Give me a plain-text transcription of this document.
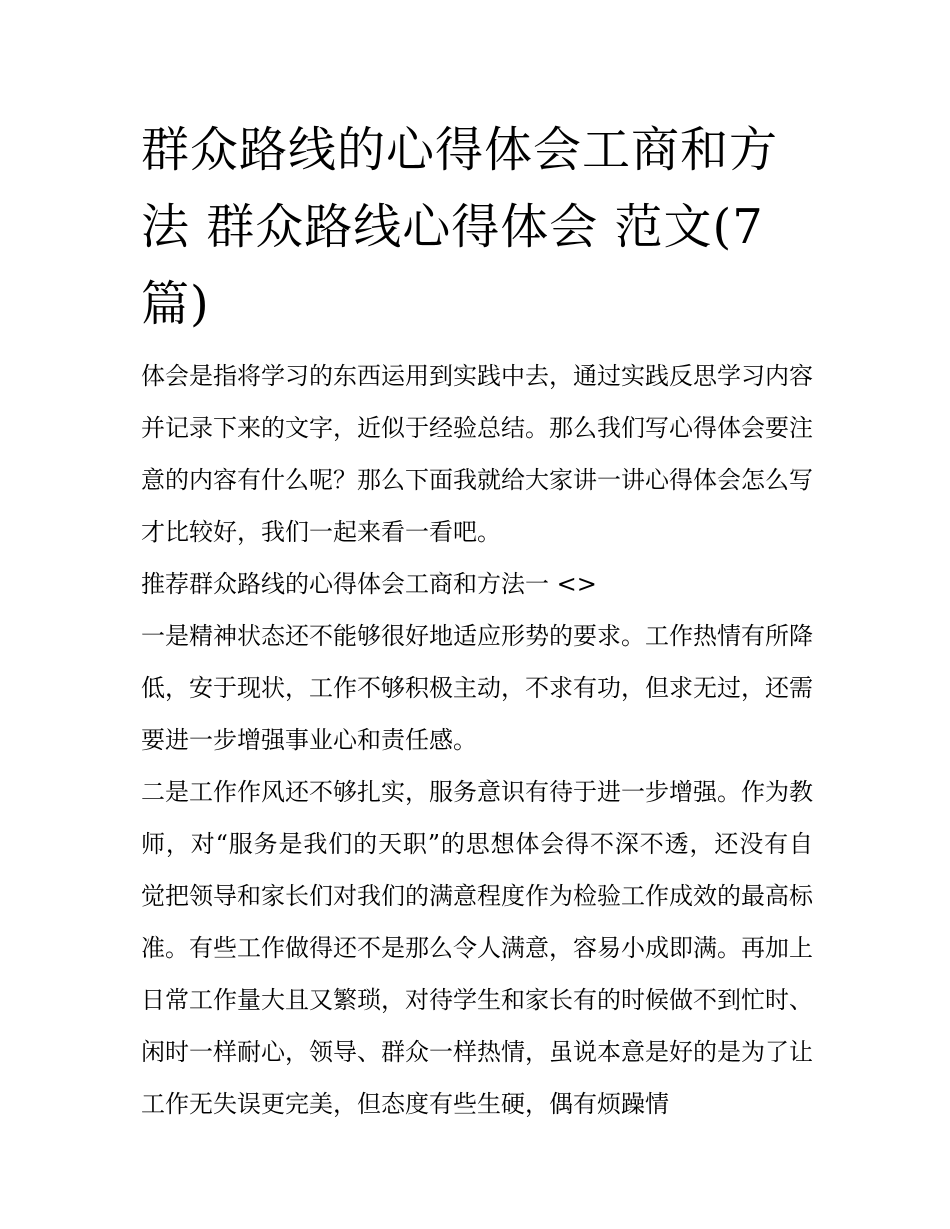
群众路线的心得体会工商和方法 群众路线心得体会 范文(7篇)

体会是指将学习的东西运用到实践中去，通过实践反思学习内容并记录下来的文字，近似于经验总结。那么我们写心得体会要注意的内容有什么呢？那么下面我就给大家讲一讲心得体会怎么写才比较好，我们一起来看一看吧。

推荐群众路线的心得体会工商和方法一 <>

一是精神状态还不能够很好地适应形势的要求。工作热情有所降低，安于现状，工作不够积极主动，不求有功，但求无过，还需要进一步增强事业心和责任感。

二是工作作风还不够扎实，服务意识有待于进一步增强。作为教师，对“服务是我们的天职”的思想体会得不深不透，还没有自觉把领导和家长们对我们的满意程度作为检验工作成效的最高标准。有些工作做得还不是那么令人满意，容易小成即满。再加上日常工作量大且又繁琐，对待学生和家长有的时候做不到忙时、闲时一样耐心，领导、群众一样热情，虽说本意是好的是为了让工作无失误更完美，但态度有些生硬，偶有烦躁情
